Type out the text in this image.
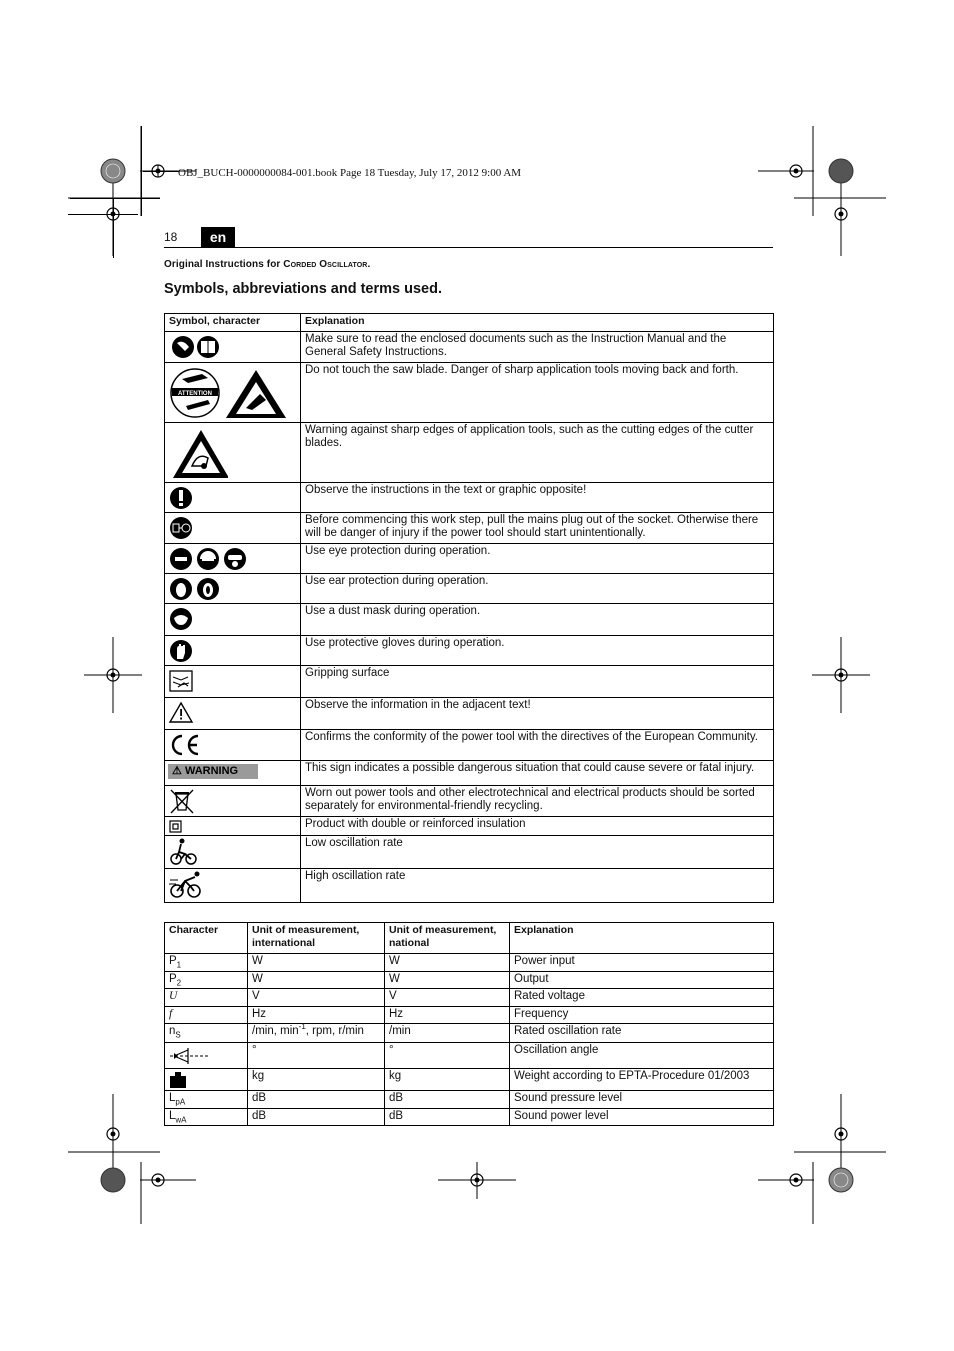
OBJ_BUCH-0000000084-001.book Page 18 Tuesday, July 17, 2012 9:00 AM
18	en
Original Instructions for Corded Oscillator.
Symbols, abbreviations and terms used.
Symbol, character	Explanation

	Make sure to read the enclosed documents such as the Instruction Manual and the General Safety Instructions.

ATTENTION	Do not touch the saw blade. Danger of sharp application tools moving back and forth.

	Warning against sharp edges of application tools, such as the cutting edges of the cutter blades.

	Observe the instructions in the text or graphic opposite!

	Before commencing this work step, pull the mains plug out of the socket. Otherwise there will be danger of injury if the power tool should start unintentionally.

	Use eye protection during operation.

	Use ear protection during operation.

	Use a dust mask during operation.

	Use protective gloves during operation.

	Gripping surface

	Observe the information in the adjacent text!

	Confirms the conformity of the power tool with the directives of the European Community.
⚠ WARNING	This sign indicates a possible dangerous situation that could cause severe or fatal injury.

	Worn out power tools and other electrotechnical and electrical products should be sorted separately for environmental-friendly recycling.

	Product with double or reinforced insulation

	Low oscillation rate

	High oscillation rate
Character	Unit of measurement, international	Unit of measurement, national	Explanation
$P_1$	W	W	Power input
$P_2$	W	W	Output
U	V	V	Rated voltage
f	Hz	Hz	Frequency
$n_S$	/min, $\min^{-1}$, rpm, r/min	/min	Rated oscillation rate

	°	°	Oscillation angle

	kg	kg	Weight according to EPTA-Procedure 01/2003
$L_{pA}$	dB	dB	Sound pressure level
$L_{wA}$	dB	dB	Sound power level
